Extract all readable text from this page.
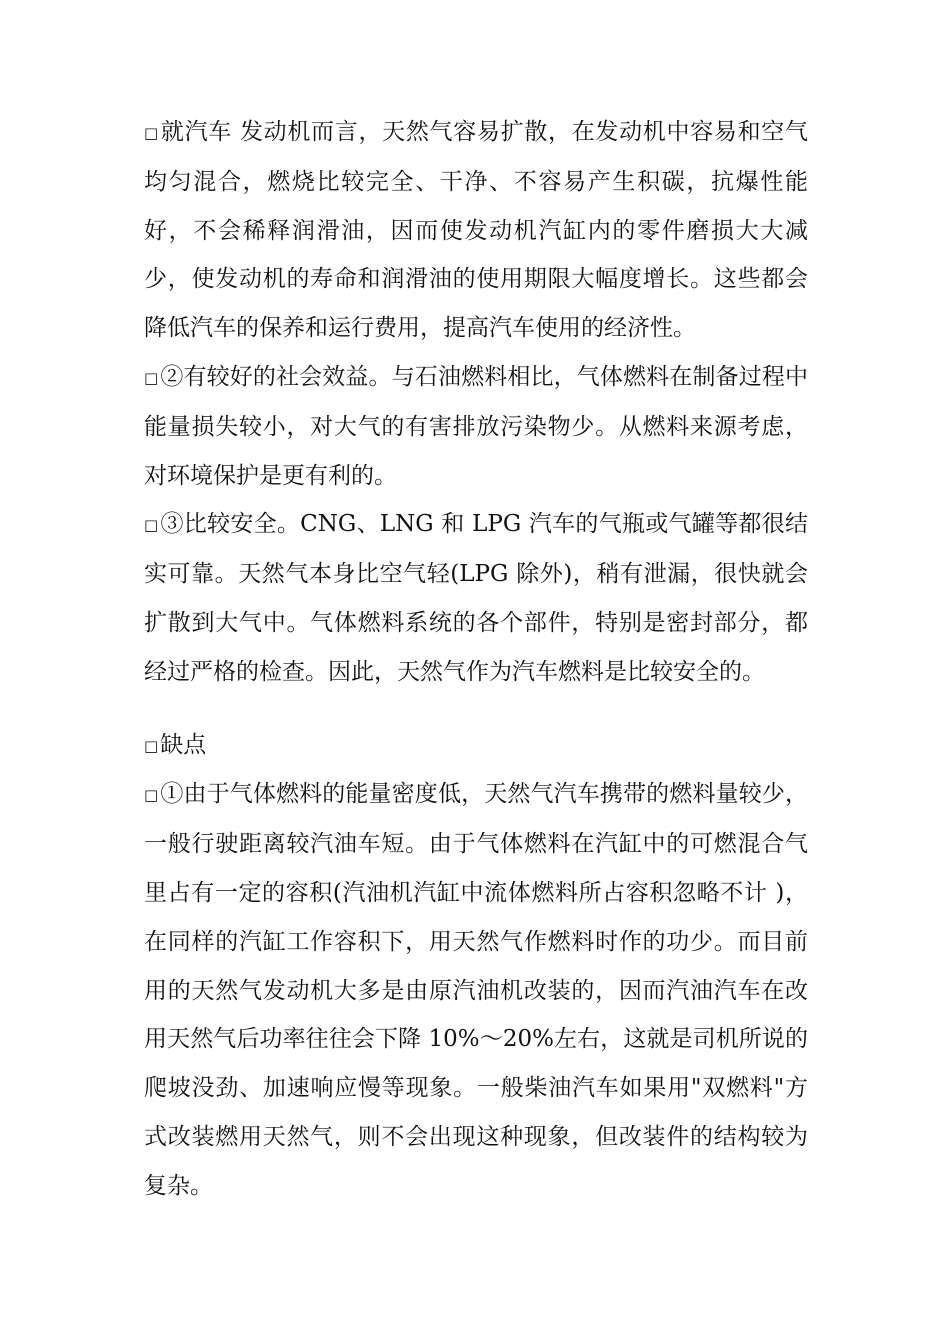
□就汽车 发动机而言，天然气容易扩散，在发动机中容易和空气均匀混合，燃烧比较完全、干净、不容易产生积碳，抗爆性能好，不会稀释润滑油，因而使发动机汽缸内的零件磨损大大减少，使发动机的寿命和润滑油的使用期限大幅度增长。这些都会降低汽车的保养和运行费用，提高汽车使用的经济性。

□②有较好的社会效益。与石油燃料相比，气体燃料在制备过程中能量损失较小，对大气的有害排放污染物少。从燃料来源考虑，对环境保护是更有利的。

□③比较安全。CNG、LNG 和 LPG 汽车的气瓶或气罐等都很结实可靠。天然气本身比空气轻(LPG 除外)，稍有泄漏，很快就会扩散到大气中。气体燃料系统的各个部件，特别是密封部分，都经过严格的检查。因此，天然气作为汽车燃料是比较安全的。

□缺点

□①由于气体燃料的能量密度低，天然气汽车携带的燃料量较少，一般行驶距离较汽油车短。由于气体燃料在汽缸中的可燃混合气里占有一定的容积(汽油机汽缸中流体燃料所占容积忽略不计 )，在同样的汽缸工作容积下，用天然气作燃料时作的功少。而目前用的天然气发动机大多是由原汽油机改装的，因而汽油汽车在改用天然气后功率往往会下降 10%～20%左右，这就是司机所说的爬坡没劲、加速响应慢等现象。一般柴油汽车如果用"双燃料"方式改装燃用天然气，则不会出现这种现象，但改装件的结构较为复杂。
